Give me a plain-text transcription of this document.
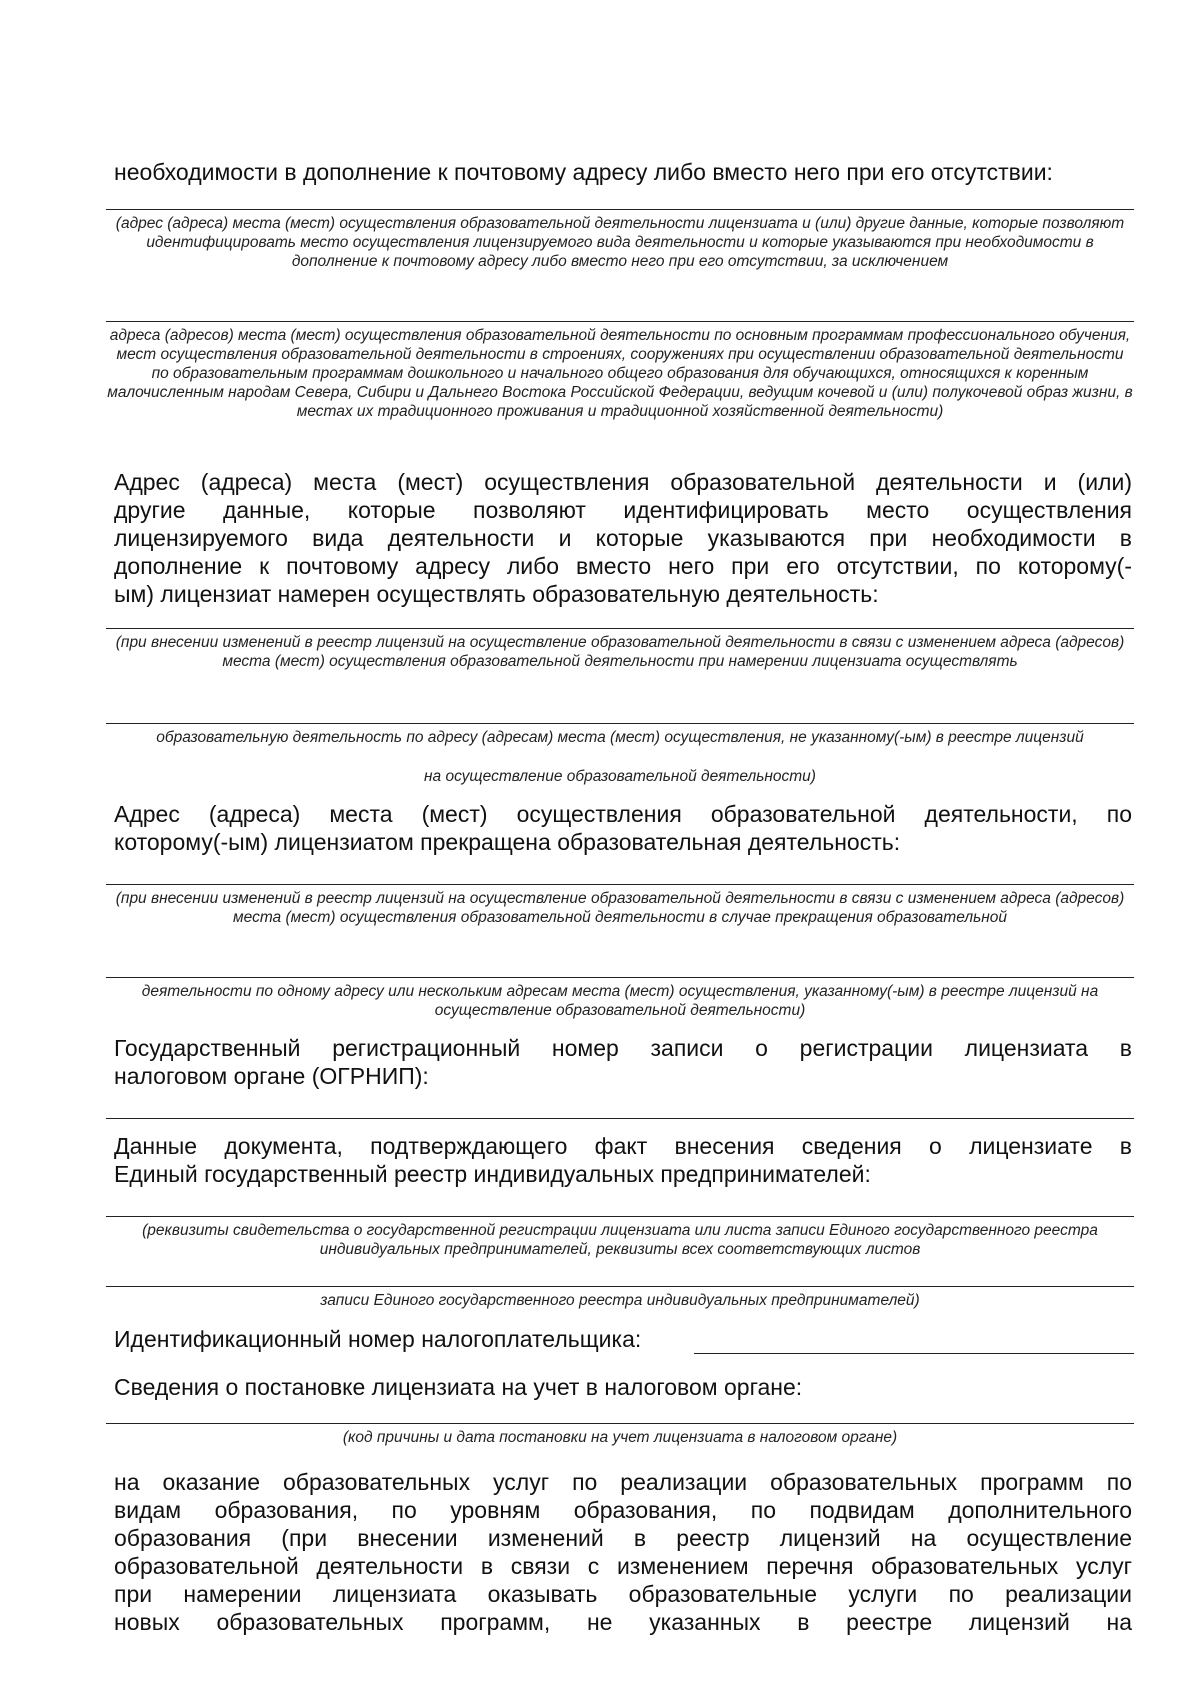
необходимости в дополнение к почтовому адресу либо вместо него при его отсутствии:

(адрес (адреса) места (мест) осуществления образовательной деятельности лицензиата и (или) другие данные, которые позволяют идентифицировать место осуществления лицензируемого вида деятельности и которые указываются при необходимости в дополнение к почтовому адресу либо вместо него при его отсутствии, за исключением

адреса (адресов) места (мест) осуществления образовательной деятельности по основным программам профессионального обучения, мест осуществления образовательной деятельности в строениях, сооружениях при осуществлении образовательной деятельности по образовательным программам дошкольного и начального общего образования для обучающихся, относящихся к коренным малочисленным народам Севера, Сибири и Дальнего Востока Российской Федерации, ведущим кочевой и (или) полукочевой образ жизни, в местах их традиционного проживания и традиционной хозяйственной деятельности)

Адрес (адреса) места (мест) осуществления образовательной деятельности и (или)
другие данные, которые позволяют идентифицировать место осуществления
лицензируемого вида деятельности и которые указываются при необходимости в
дополнение к почтовому адресу либо вместо него при его отсутствии, по которому(-
ым) лицензиат намерен осуществлять образовательную деятельность:

(при внесении изменений в реестр лицензий на осуществление образовательной деятельности в связи с изменением адреса (адресов) места (мест) осуществления образовательной деятельности при намерении лицензиата осуществлять

образовательную деятельность по адресу (адресам) места (мест) осуществления, не указанному(-ым) в реестре лицензий

на осуществление образовательной деятельности)

Адрес (адреса) места (мест) осуществления образовательной деятельности, по
которому(-ым) лицензиатом прекращена образовательная деятельность:

(при внесении изменений в реестр лицензий на осуществление образовательной деятельности в связи с изменением адреса (адресов) места (мест) осуществления образовательной деятельности в случае прекращения образовательной

деятельности по одному адресу или нескольким адресам места (мест) осуществления, указанному(-ым) в реестре лицензий на осуществление образовательной деятельности)

Государственный регистрационный номер записи о регистрации лицензиата в
налоговом органе (ОГРНИП):
Данные документа, подтверждающего факт внесения сведения о лицензиате в
Единый государственный реестр индивидуальных предпринимателей:

(реквизиты свидетельства о государственной регистрации лицензиата или листа записи Единого государственного реестра индивидуальных предпринимателей, реквизиты всех соответствующих листов

записи Единого государственного реестра индивидуальных предпринимателей)

Идентификационный номер налогоплательщика:

Сведения о постановке лицензиата на учет в налоговом органе:

(код причины и дата постановки на учет лицензиата в налоговом органе)

на оказание образовательных услуг по реализации образовательных программ по
видам образования, по уровням образования, по подвидам дополнительного
образования (при внесении изменений в реестр лицензий на осуществление
образовательной деятельности в связи с изменением перечня образовательных услуг
при намерении лицензиата оказывать образовательные услуги по реализации
новых образовательных программ, не указанных в реестре лицензий на
